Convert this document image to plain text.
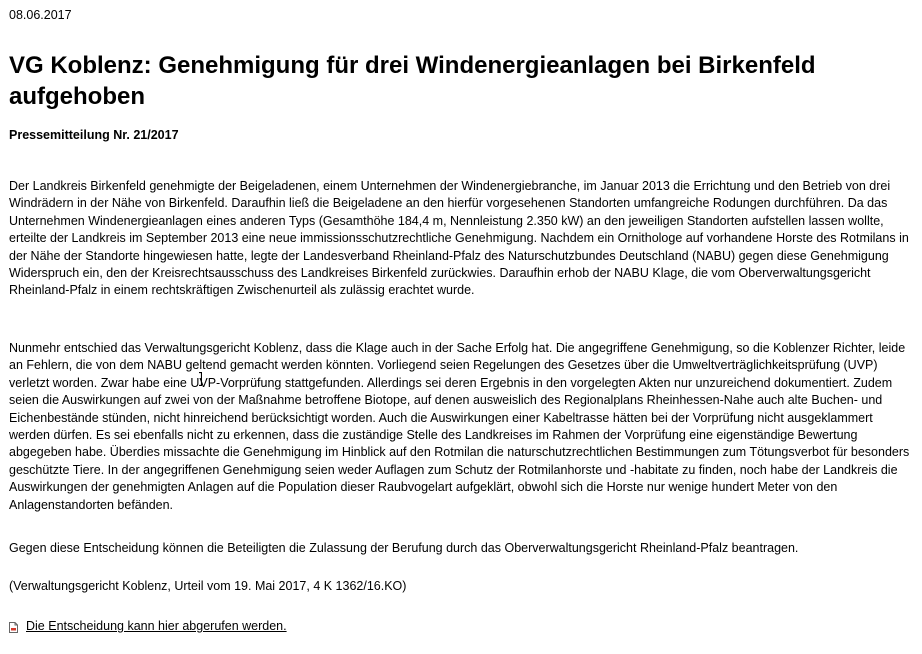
08.06.2017
VG Koblenz: Genehmigung für drei Windenergieanlagen bei Birkenfeld aufgehoben
Pressemitteilung Nr. 21/2017

Der Landkreis Birkenfeld genehmigte der Beigeladenen, einem Unternehmen der Windenergiebranche, im Januar 2013 die Errichtung und den Betrieb von drei Windrädern in der Nähe von Birkenfeld. Daraufhin ließ die Beigeladene an den hierfür vorgesehenen Standorten umfangreiche Rodungen durchführen. Da das Unternehmen Windenergieanlagen eines anderen Typs (Gesamthöhe 184,4 m, Nennleistung 2.350 kW) an den jeweiligen Standorten aufstellen lassen wollte, erteilte der Landkreis im September 2013 eine neue immissionsschutzrechtliche Genehmigung. Nachdem ein Ornithologe auf vorhandene Horste des Rotmilans in der Nähe der Standorte hingewiesen hatte, legte der Landesverband Rheinland-Pfalz des Naturschutzbundes Deutschland (NABU) gegen diese Genehmigung Widerspruch ein, den der Kreisrechtsausschuss des Landkreises Birkenfeld zurückwies. Daraufhin erhob der NABU Klage, die vom Oberverwaltungsgericht Rheinland-Pfalz in einem rechtskräftigen Zwischenurteil als zulässig erachtet wurde.

Nunmehr entschied das Verwaltungsgericht Koblenz, dass die Klage auch in der Sache Erfolg hat. Die angegriffene Genehmigung, so die Koblenzer Richter, leide an Fehlern, die von dem NABU geltend gemacht werden könnten. Vorliegend seien Regelungen des Gesetzes über die Umweltverträglichkeitsprüfung (UVP) verletzt worden. Zwar habe eine UVP-Vorprüfung stattgefunden. Allerdings sei deren Ergebnis in den vorgelegten Akten nur unzureichend dokumentiert. Zudem seien die Auswirkungen auf zwei von der Maßnahme betroffene Biotope, auf denen ausweislich des Regionalplans Rheinhessen-Nahe auch alte Buchen- und Eichenbestände stünden, nicht hinreichend berücksichtigt worden. Auch die Auswirkungen einer Kabeltrasse hätten bei der Vorprüfung nicht ausgeklammert werden dürfen. Es sei ebenfalls nicht zu erkennen, dass die zuständige Stelle des Landkreises im Rahmen der Vorprüfung eine eigenständige Bewertung abgegeben habe. Überdies missachte die Genehmigung im Hinblick auf den Rotmilan die naturschutzrechtlichen Bestimmungen zum Tötungsverbot für besonders geschützte Tiere. In der angegriffenen Genehmigung seien weder Auflagen zum Schutz der Rotmilanhorste und -habitate zu finden, noch habe der Landkreis die Auswirkungen der genehmigten Anlagen auf die Population dieser Raubvogelart aufgeklärt, obwohl sich die Horste nur wenige hundert Meter von den Anlagenstandorten befänden.

Gegen diese Entscheidung können die Beteiligten die Zulassung der Berufung durch das Oberverwaltungsgericht Rheinland-Pfalz beantragen.

(Verwaltungsgericht Koblenz, Urteil vom 19. Mai 2017, 4 K 1362/16.KO)

Die Entscheidung kann hier abgerufen werden.
